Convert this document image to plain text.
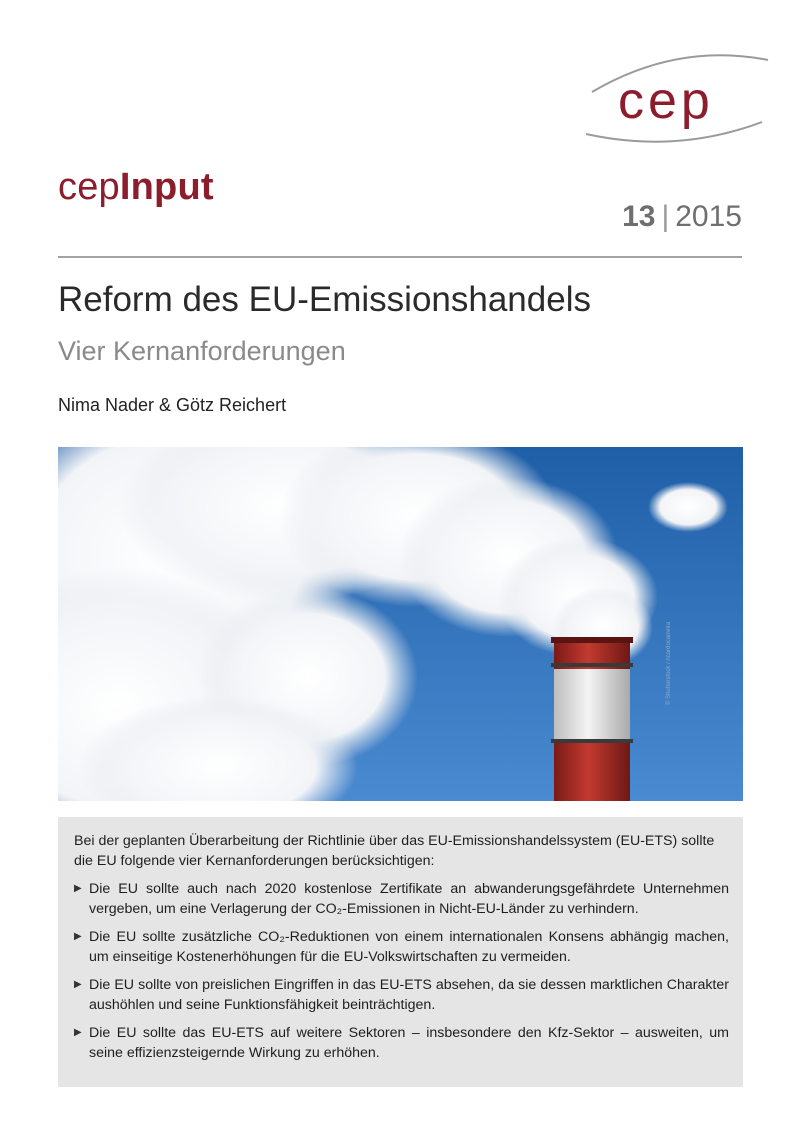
cep
cepInput
13 | 2015
Reform des EU-Emissionshandels
Vier Kernanforderungen
Nima Nader & Götz Reichert
© Shutterstock / ricardocarreira

Bei der geplanten Überarbeitung der Richtlinie über das EU-Emissionshandelssystem (EU-ETS) sollte die EU folgende vier Kernanforderungen berücksichtigen:

▶ Die EU sollte auch nach 2020 kostenlose Zertifikate an abwanderungsgefährdete Unternehmen vergeben, um eine Verlagerung der CO₂-Emissionen in Nicht-EU-Länder zu verhindern.
▶ Die EU sollte zusätzliche CO₂-Reduktionen von einem internationalen Konsens abhängig machen, um einseitige Kostenerhöhungen für die EU-Volkswirtschaften zu vermeiden.
▶ Die EU sollte von preislichen Eingriffen in das EU-ETS absehen, da sie dessen marktlichen Charakter aushöhlen und seine Funktionsfähigkeit beinträchtigen.
▶ Die EU sollte das EU-ETS auf weitere Sektoren – insbesondere den Kfz-Sektor – ausweiten, um seine effizienzsteigernde Wirkung zu erhöhen.
